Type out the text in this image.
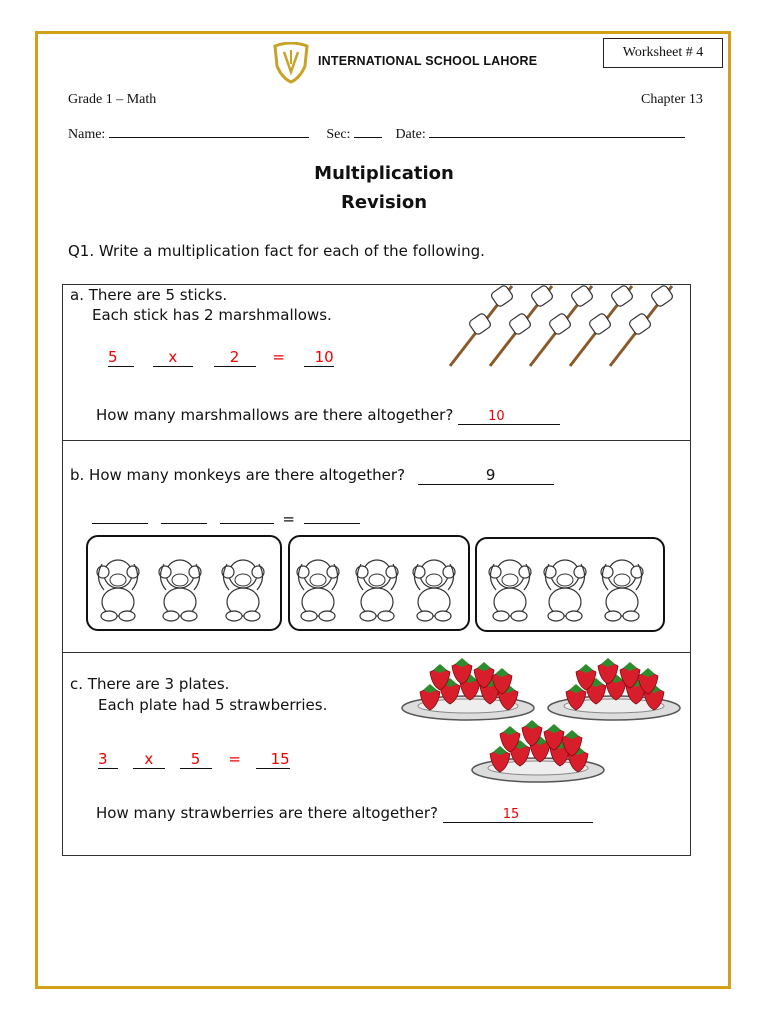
Worksheet # 4
INTERNATIONAL SCHOOL LAHORE
Grade 1 – Math	Chapter 13
Name:	Sec:	Date:
Multiplication
Revision
Q1. Write a multiplication fact for each of the following.
a. There are 5 sticks.
Each stick has 2 marshmallows.
5	x	2 = 10
How many marshmallows are there altogether?	10
b. How many monkeys are there altogether?	9
=
c. There are 3 plates.
Each plate had 5 strawberries.
3 x	5 = 15
How many strawberries are there altogether?	15
